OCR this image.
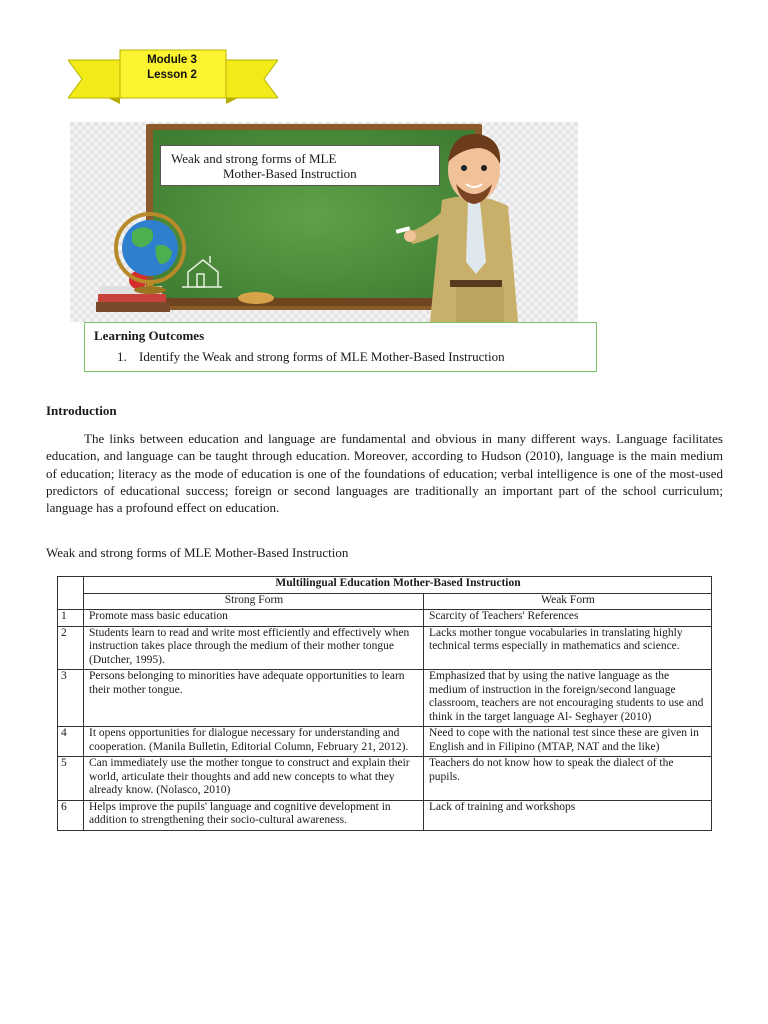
Module 3
Lesson 2
Weak and strong forms of MLE
Mother-Based Instruction
Learning Outcomes
1. Identify the Weak and strong forms of MLE Mother-Based Instruction
Introduction

The links between education and language are fundamental and obvious in many different ways. Language facilitates education, and language can be taught through education. Moreover, according to Hudson (2010), language is the main medium of education; literacy as the mode of education is one of the foundations of education; verbal intelligence is one of the most-used predictors of educational success; foreign or second languages are traditionally an important part of the school curriculum; language has a profound effect on education.

Weak and strong forms of MLE Mother-Based Instruction
	Multilingual Education Mother-Based Instruction	
	Strong Form	Weak Form
1	Promote mass basic education	Scarcity of Teachers' References
2	Students learn to read and write most efficiently and effectively when instruction takes place through the medium of their mother tongue (Dutcher, 1995).	Lacks mother tongue vocabularies in translating highly technical terms especially in mathematics and science.
3	Persons belonging to minorities have adequate opportunities to learn their mother tongue.	Emphasized that by using the native language as the medium of instruction in the foreign/second language classroom, teachers are not encouraging students to use and think in the target language Al- Seghayer (2010)
4	It opens opportunities for dialogue necessary for understanding and cooperation. (Manila Bulletin, Editorial Column, February 21, 2012).	Need to cope with the national test since these are given in English and in Filipino (MTAP, NAT and the like)
5	Can immediately use the mother tongue to construct and explain their world, articulate their thoughts and add new concepts to what they already know. (Nolasco, 2010)	Teachers do not know how to speak the dialect of the pupils.
6	Helps improve the pupils' language and cognitive development in addition to strengthening their socio-cultural awareness.	Lack of training and workshops
